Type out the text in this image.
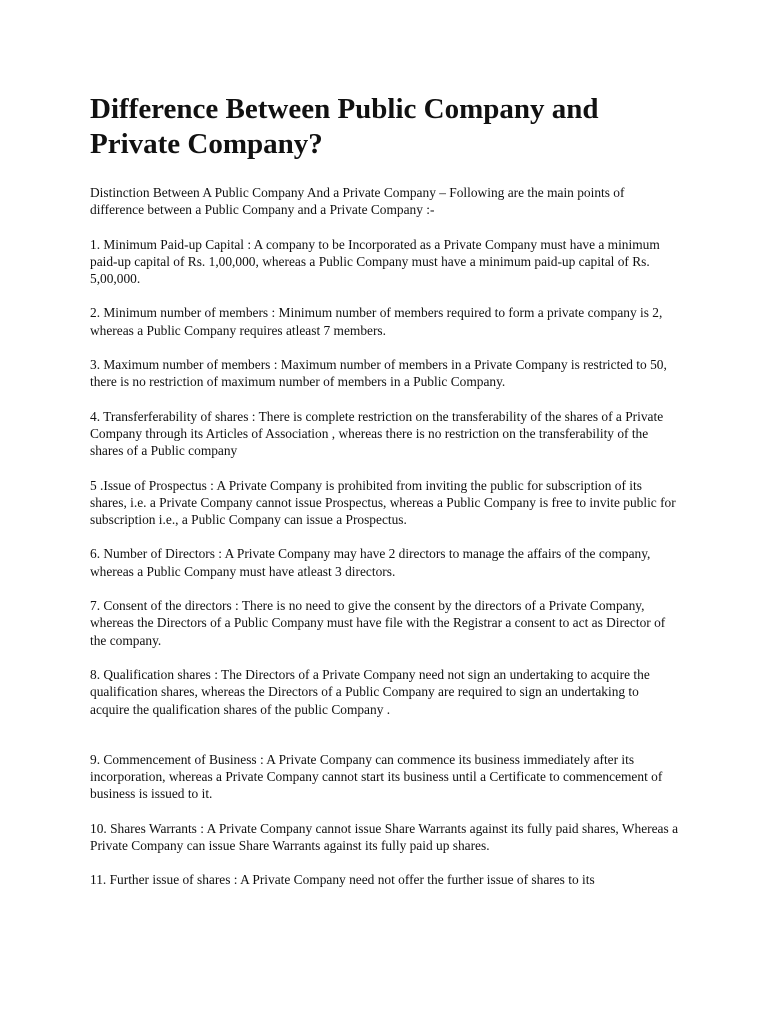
Difference Between Public Company and Private Company?

Distinction Between A Public Company And a Private Company – Following are the main points of difference between a Public Company and a Private Company :-

1. Minimum Paid-up Capital : A company to be Incorporated as a Private Company must have a minimum paid-up capital of Rs. 1,00,000, whereas a Public Company must have a minimum paid-up capital of Rs. 5,00,000.

2. Minimum number of members : Minimum number of members required to form a private company is 2, whereas a Public Company requires atleast 7 members.

3. Maximum number of members : Maximum number of members in a Private Company is restricted to 50, there is no restriction of maximum number of members in a Public Company.

4. Transferferability of shares : There is complete restriction on the transferability of the shares of a Private Company through its Articles of Association , whereas there is no restriction on the transferability of the shares of a Public company

5 .Issue of Prospectus : A Private Company is prohibited from inviting the public for subscription of its shares, i.e. a Private Company cannot issue Prospectus, whereas a Public Company is free to invite public for subscription i.e., a Public Company can issue a Prospectus.

6. Number of Directors : A Private Company may have 2 directors to manage the affairs of the company, whereas a Public Company must have atleast 3 directors.

7. Consent of the directors : There is no need to give the consent by the directors of a Private Company, whereas the Directors of a Public Company must have file with the Registrar a consent to act as Director of the company.

8. Qualification shares : The Directors of a Private Company need not sign an undertaking to acquire the qualification shares, whereas the Directors of a Public Company are required to sign an undertaking to acquire the qualification shares of the public Company .

9. Commencement of Business : A Private Company can commence its business immediately after its incorporation, whereas a Private Company cannot start its business until a Certificate to commencement of business is issued to it.

10. Shares Warrants : A Private Company cannot issue Share Warrants against its fully paid shares, Whereas a Private Company can issue Share Warrants against its fully paid up shares.

11. Further issue of shares : A Private Company need not offer the further issue of shares to its
